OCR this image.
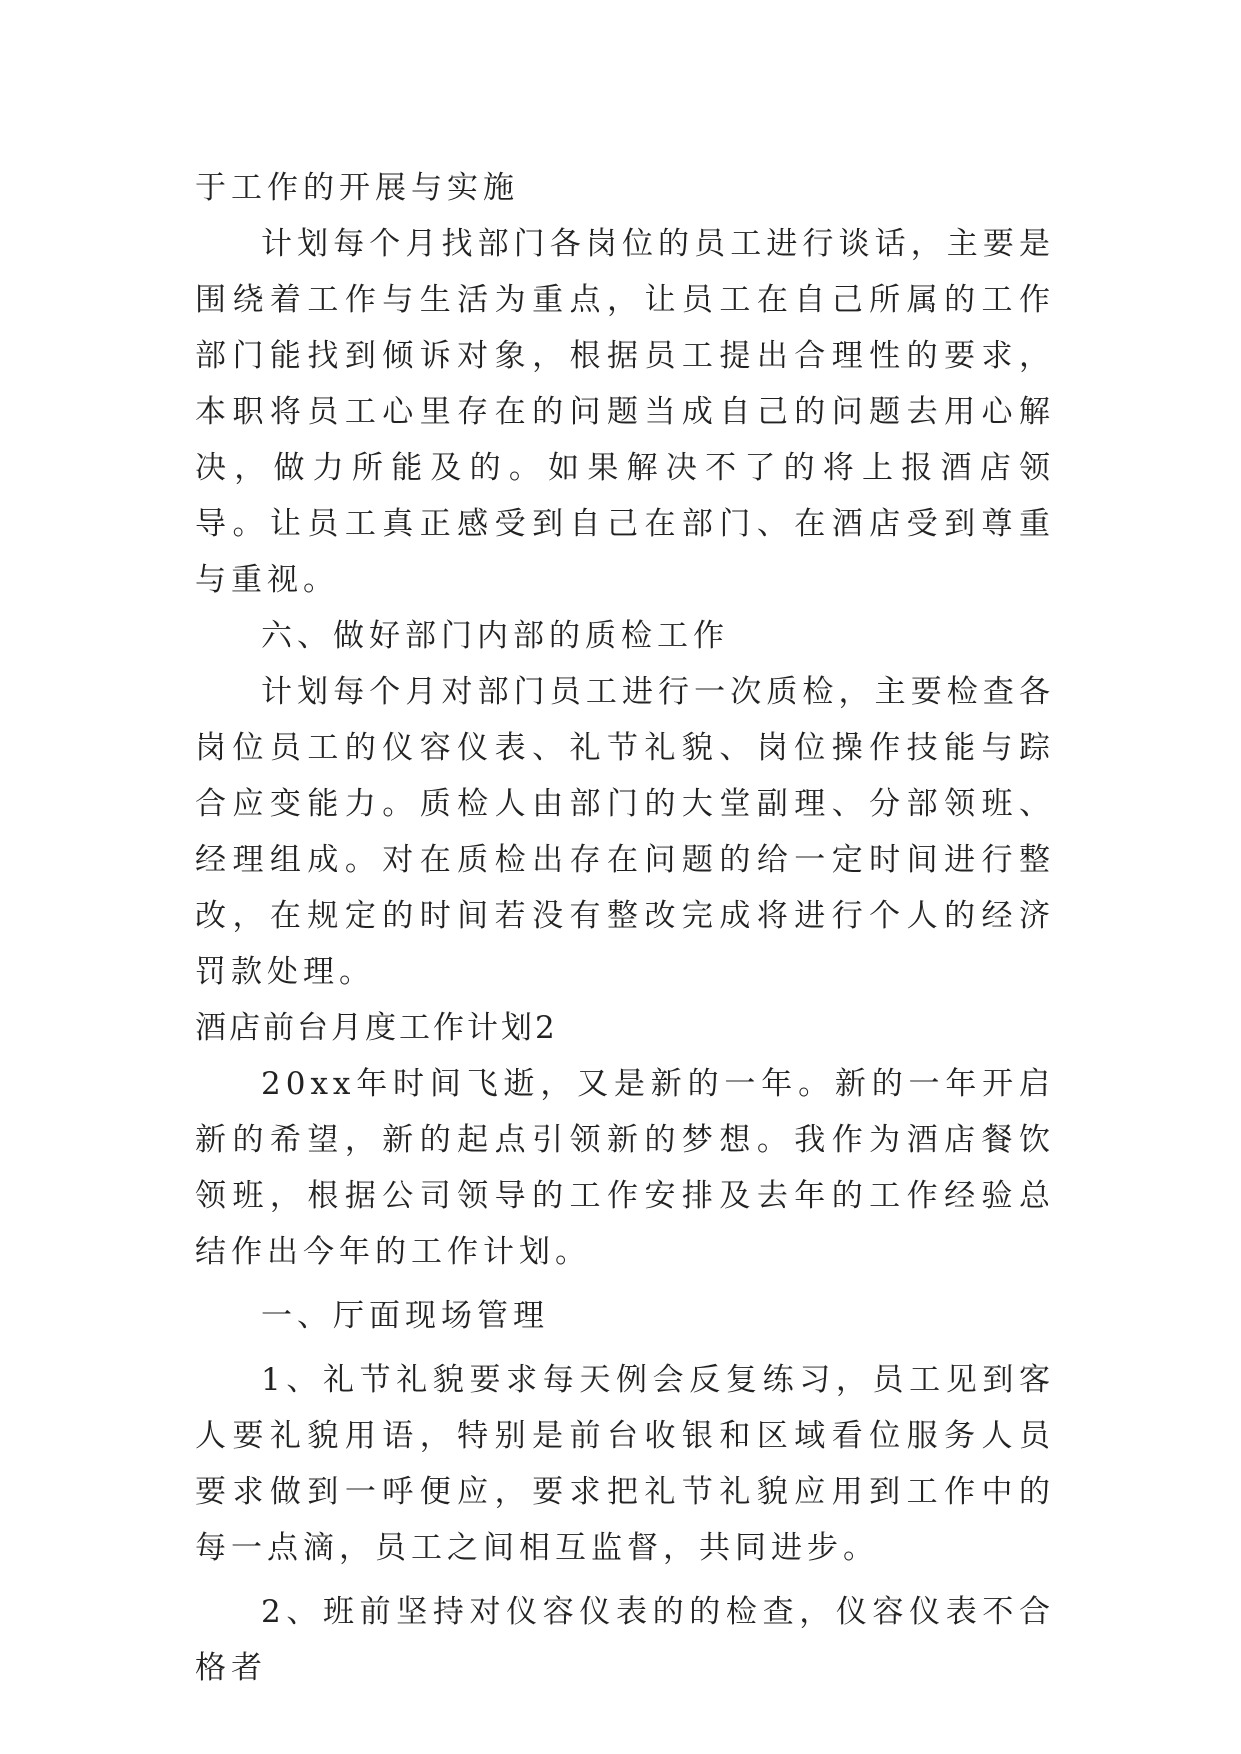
于工作的开展与实施

计划每个月找部门各岗位的员工进行谈话，主要是围绕着工作与生活为重点，让员工在自己所属的工作部门能找到倾诉对象，根据员工提出合理性的要求，本职将员工心里存在的问题当成自己的问题去用心解决，做力所能及的。如果解决不了的将上报酒店领导。让员工真正感受到自己在部门、在酒店受到尊重与重视。

六、做好部门内部的质检工作

计划每个月对部门员工进行一次质检，主要检查各岗位员工的仪容仪表、礼节礼貌、岗位操作技能与踪合应变能力。质检人由部门的大堂副理、分部领班、经理组成。对在质检出存在问题的给一定时间进行整改，在规定的时间若没有整改完成将进行个人的经济罚款处理。

酒店前台月度工作计划2

20xx年时间飞逝，又是新的一年。新的一年开启新的希望，新的起点引领新的梦想。我作为酒店餐饮领班，根据公司领导的工作安排及去年的工作经验总结作出今年的工作计划。

一、厅面现场管理

1、礼节礼貌要求每天例会反复练习，员工见到客人要礼貌用语，特别是前台收银和区域看位服务人员要求做到一呼便应，要求把礼节礼貌应用到工作中的每一点滴，员工之间相互监督，共同进步。

2、班前坚持对仪容仪表的的检查，仪容仪表不合格者
